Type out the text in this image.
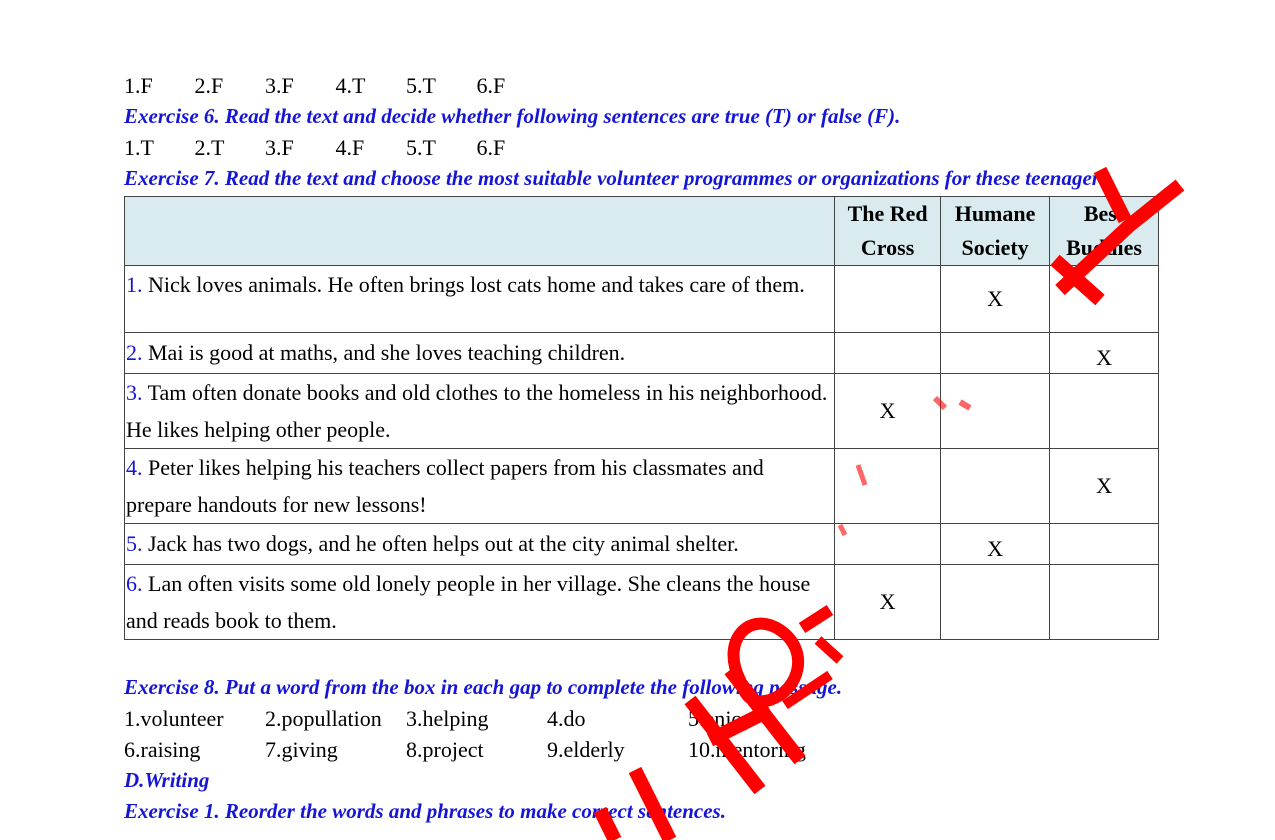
1.F 2.F 3.F 4.T 5.T 6.F
Exercise 6. Read the text and decide whether following sentences are true (T) or false (F).
1.T 2.T 3.F 4.F 5.T 6.F
Exercise 7. Read the text and choose the most suitable volunteer programmes or organizations for these teenagers.
	The Red Cross	Humane Society	Best Buddies
1. Nick loves animals. He often brings lost cats home and takes care of them.		X	
2. Mai is good at maths, and she loves teaching children.			X
3. Tam often donate books and old clothes to the homeless in his neighborhood. He likes helping other people.	X		
4. Peter likes helping his teachers collect papers from his classmates and prepare handouts for new lessons!			X
5. Jack has two dogs, and he often helps out at the city animal shelter.		X	
6. Lan often visits some old lonely people in her village. She cleans the house and reads book to them.	X		
Exercise 8. Put a word from the box in each gap to complete the following passage.
1.volunteer 2.popullation 3.helping	4.do	5.enjoy
6.raising	7.giving	8.project	9.elderly	10.mentoring
D.Writing
Exercise 1. Reorder the words and phrases to make correct sentences.
